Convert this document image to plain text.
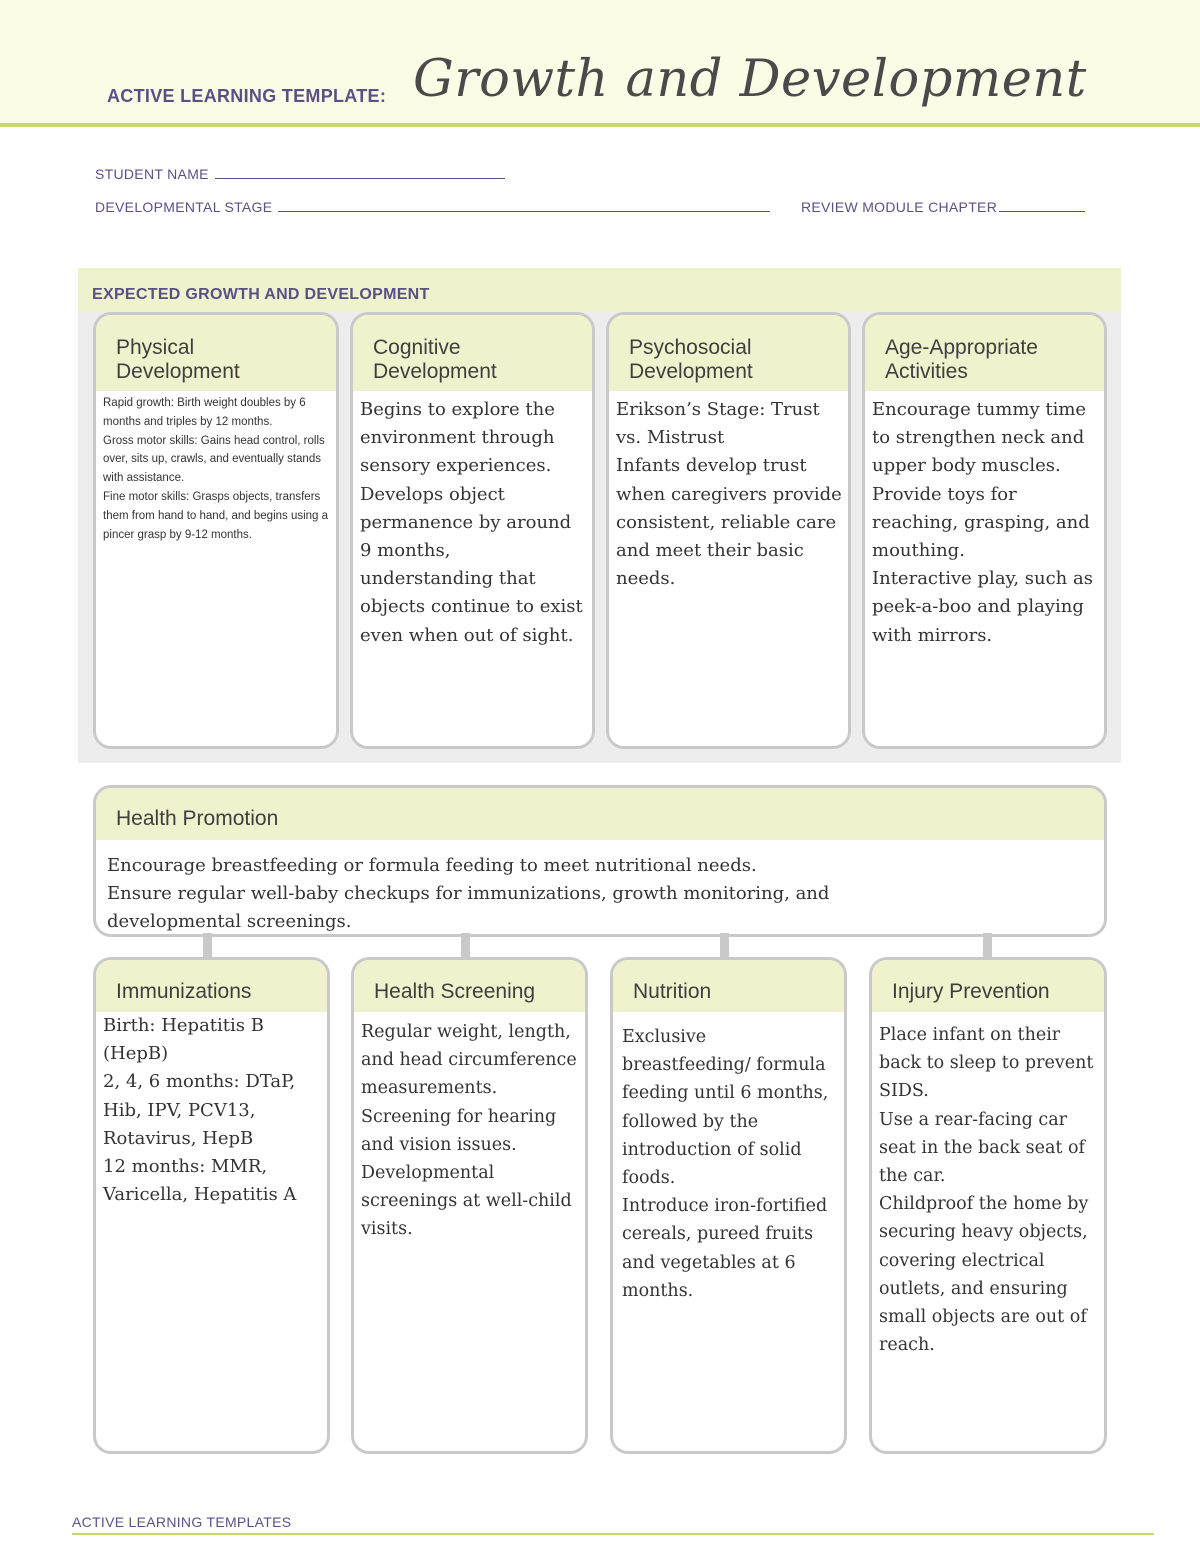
ACTIVE LEARNING TEMPLATE: Growth and Development
STUDENT NAME
DEVELOPMENTAL STAGE	REVIEW MODULE CHAPTER
EXPECTED GROWTH AND DEVELOPMENT
Physical
Development
Rapid growth: Birth weight doubles by 6 months and triples by 12 months.
Gross motor skills: Gains head control, rolls over, sits up, crawls, and eventually stands with assistance.
Fine motor skills: Grasps objects, transfers them from hand to hand, and begins using a pincer grasp by 9-12 months.
Cognitive
Development
Begins to explore the environment through sensory experiences. Develops object permanence by around 9 months, understanding that objects continue to exist even when out of sight.
Psychosocial
Development
Erikson’s Stage: Trust vs. Mistrust
Infants develop trust when caregivers provide consistent, reliable care and meet their basic needs.
Age-Appropriate
Activities
Encourage tummy time to strengthen neck and upper body muscles.
Provide toys for reaching, grasping, and mouthing.
Interactive play, such as peek-a-boo and playing with mirrors.
Health Promotion
Encourage breastfeeding or formula feeding to meet nutritional needs.
Ensure regular well-baby checkups for immunizations, growth monitoring, and developmental screenings.
Immunizations
Birth: Hepatitis B (HepB)
2, 4, 6 months: DTaP, Hib, IPV, PCV13, Rotavirus, HepB
12 months: MMR, Varicella, Hepatitis A
Health Screening
Regular weight, length, and head circumference measurements.
Screening for hearing and vision issues.
Developmental screenings at well-child visits.
Nutrition
Exclusive breastfeeding/ formula feeding until 6 months, followed by the introduction of solid foods.
Introduce iron-fortified cereals, pureed fruits and vegetables at 6 months.
Injury Prevention
Place infant on their back to sleep to prevent SIDS.
Use a rear-facing car seat in the back seat of the car.
Childproof the home by securing heavy objects, covering electrical outlets, and ensuring small objects are out of reach.
ACTIVE LEARNING TEMPLATES
